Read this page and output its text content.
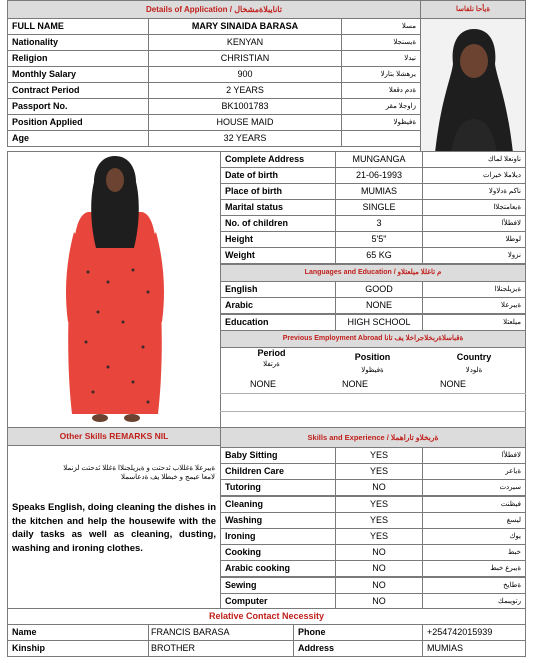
Details of Application / تانايبلاةمشخال	ةيأحا نلفاسا
FULL NAME	MARY SINAIDA BARASA	مسلا
Nationality	KENYAN	ةيسنجلا
Religion	CHRISTIAN	نيدلا
Monthly Salary	900	يرهشلا بتارلا
Contract Period	2 YEARS	ةدم دقعلا
Passport No.	BK1001783	زاوجلا مقر
Position Applied	HOUSE MAID	ةفيظولا
Age	32 YEARS
Complete Address	MUNGANGA	ناونعلا لماك
Date of birth	21-06-1993	ديلاملا خيرات
Place of birth	MUMIAS	ناكم ةدلاولا
Marital status	SINGLE	ةيعامتجلاا
No. of children	3	لافطلأا
Height	5'5"	لوطلا
Weight	65 KG	نزولا
Languages and Education / م تاغللا ميلعتلاو
English	GOOD	ةيزيلجنلاا
Arabic	NONE	ةيبرعلا
Education	HIGH SCHOOL	ميلعتلا
Previous Employment Abroad ةقباسلاةربخلاجراخلا يف تانا
Period	Position	Country
ةرتفلا
ةفيظولا	ةلودلا
NONE	NONE	NONE
Other Skills REMARKS NIL
ةيبرعلا ةغللاب ثدحتت و ةيزيلجنلاا ةغللا ثدحتت لزنملا لامعا عيمج و خبطلا يف ةدعاسملا
Speaks English, doing cleaning the dishes in the kitchen and help the housewife with the daily tasks as well as cleaning, dusting, washing and ironing clothes.
Skills and Experience / ةربخلاو تاراهملا
Baby Sitting	YES	لافطلأا
Children Care	YES	ةياعر
Tutoring	NO	سيردت
Cleaning	YES	فيظنت
Washing	YES	ليسغ
Ironing	YES	يوك
Cooking	NO	خبط
Arabic cooking	NO	ةيبرع خبط
Sewing	NO	ةطايخ
Computer	NO	رتويبمك
Relative Contact Necessity
Name	FRANCIS BARASA	Phone	+254742015939
Kinship	BROTHER	Address	MUMIAS
